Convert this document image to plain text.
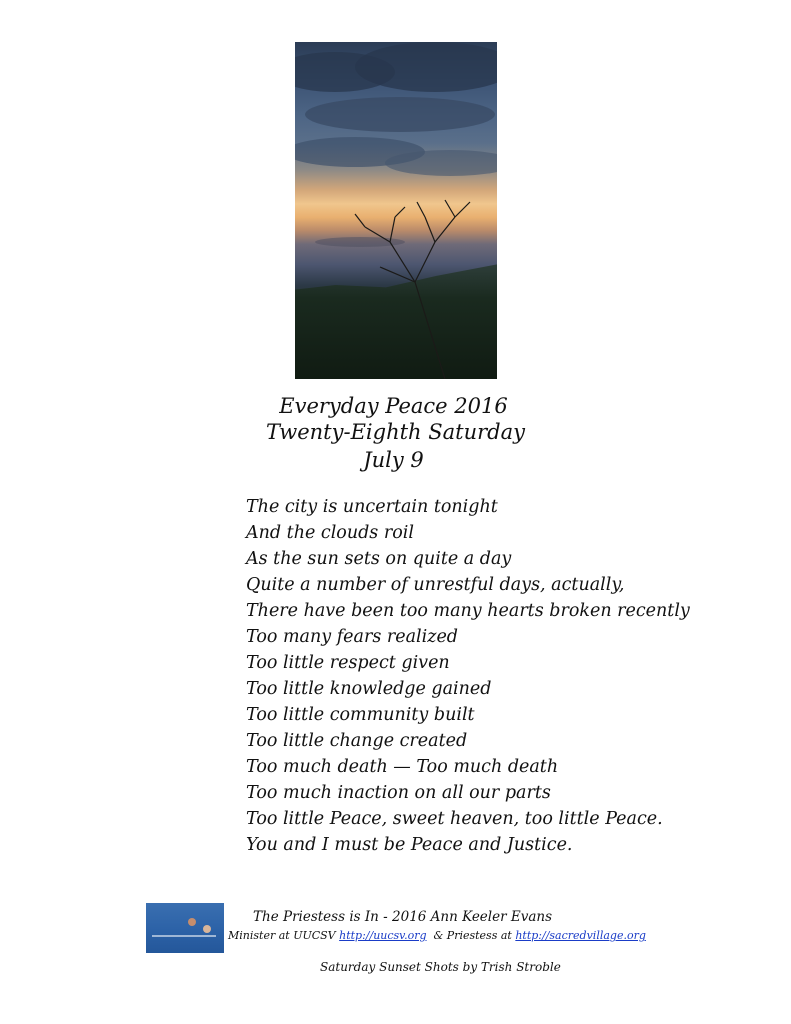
Everyday Peace 2016
Twenty-Eighth Saturday
July 9
The city is uncertain tonight
And the clouds roil
As the sun sets on quite a day
Quite a number of unrestful days, actually,
There have been too many hearts broken recently
Too many fears realized
Too little respect given
Too little knowledge gained
Too little community built
Too little change created
Too much death — Too much death
Too much inaction on all our parts
Too little Peace, sweet heaven, too little Peace.
You and I must be Peace and Justice.
The Priestess is In - 2016 Ann Keeler Evans
Minister at UUCSV http://uucsv.org  & Priestess at http://sacredvillage.org
Saturday Sunset Shots by Trish Stroble
